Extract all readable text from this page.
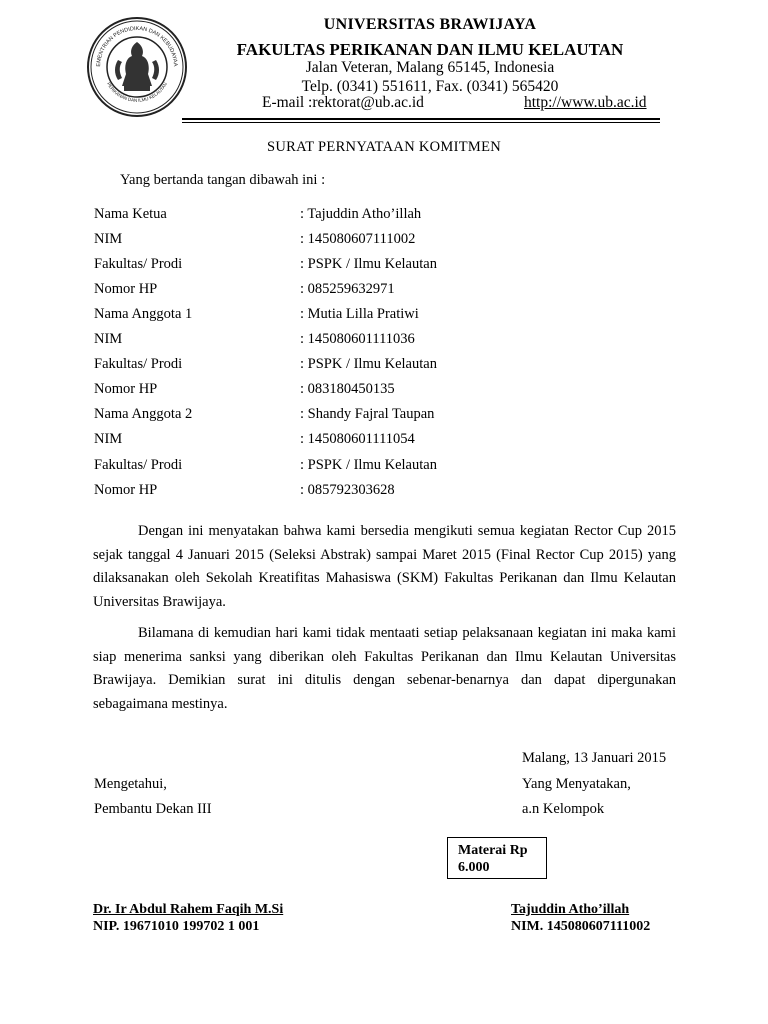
EMENTRIAN PENDIDIKAN DAN KEBUDAYAA
PERIKANAN DAN ILMU KELAUTAN
UNIVERSITAS BRAWIJAYA
FAKULTAS PERIKANAN DAN ILMU KELAUTAN
Jalan Veteran, Malang 65145, Indonesia
Telp. (0341) 551611, Fax. (0341) 565420
E-mail :rektorat@ub.ac.id	http://www.ub.ac.id
SURAT PERNYATAAN KOMITMEN
Yang bertanda tangan dibawah ini :
Nama Ketua	: Tajuddin Atho’illah
NIM	: 145080607111002
Fakultas/ Prodi	: PSPK / Ilmu Kelautan
Nomor HP	: 085259632971
Nama Anggota 1	: Mutia Lilla Pratiwi
NIM	: 145080601111036
Fakultas/ Prodi	: PSPK / Ilmu Kelautan
Nomor HP	: 083180450135
Nama Anggota 2	: Shandy Fajral Taupan
NIM	: 145080601111054
Fakultas/ Prodi	: PSPK / Ilmu Kelautan
Nomor HP	: 085792303628
Dengan ini menyatakan bahwa kami bersedia mengikuti semua kegiatan Rector Cup 2015 sejak tanggal 4 Januari 2015 (Seleksi Abstrak) sampai Maret 2015 (Final Rector Cup 2015) yang dilaksanakan oleh Sekolah Kreatifitas Mahasiswa (SKM) Fakultas Perikanan dan Ilmu Kelautan Universitas Brawijaya.
Bilamana di kemudian hari kami tidak mentaati setiap pelaksanaan kegiatan ini maka kami siap menerima sanksi yang diberikan oleh Fakultas Perikanan dan Ilmu Kelautan Universitas Brawijaya. Demikian surat ini ditulis dengan sebenar-benarnya dan dapat dipergunakan sebagaimana mestinya.
Malang, 13 Januari 2015
Mengetahui,
Pembantu Dekan III
Yang Menyatakan,
a.n Kelompok
Materai Rp
6.000
Dr. Ir Abdul Rahem Faqih M.Si
NIP. 19671010 199702 1 001
Tajuddin Atho’illah
NIM. 145080607111002
